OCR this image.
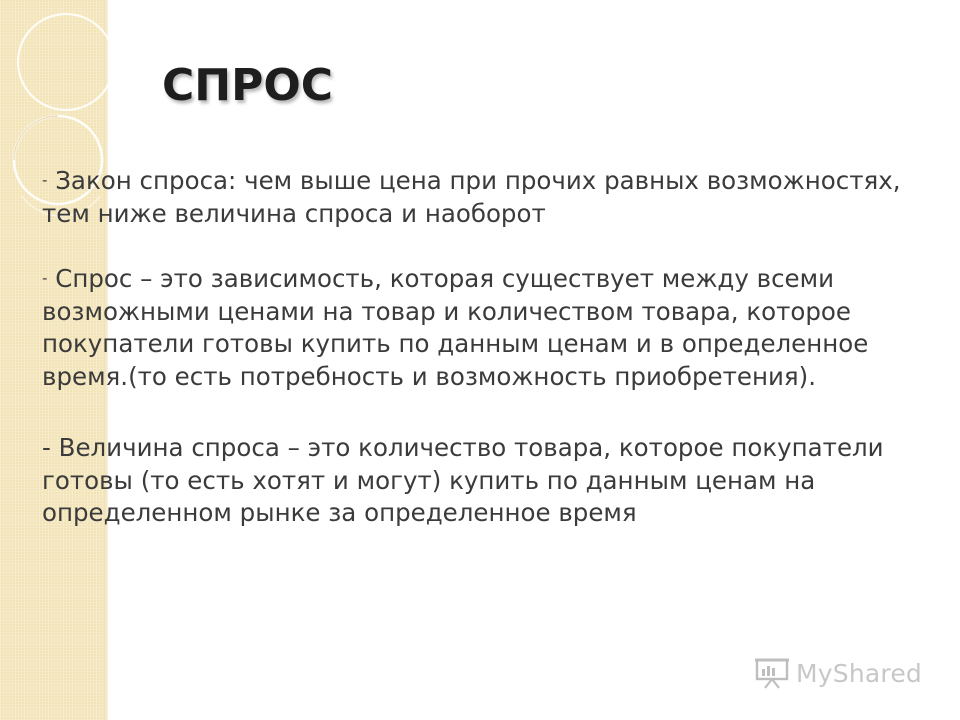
СПРОС

- Закон спроса: чем выше цена при прочих равных возможностях, тем ниже величина спроса и наоборот

- Спрос – это зависимость, которая существует между всеми возможными ценами на товар и количеством товара, которое покупатели готовы купить по данным ценам и в определенное время.(то есть потребность и возможность приобретения).

- Величина спроса – это количество товара, которое покупатели готовы (то есть хотят и могут) купить по данным ценам на определенном рынке за определенное время

MyShared
